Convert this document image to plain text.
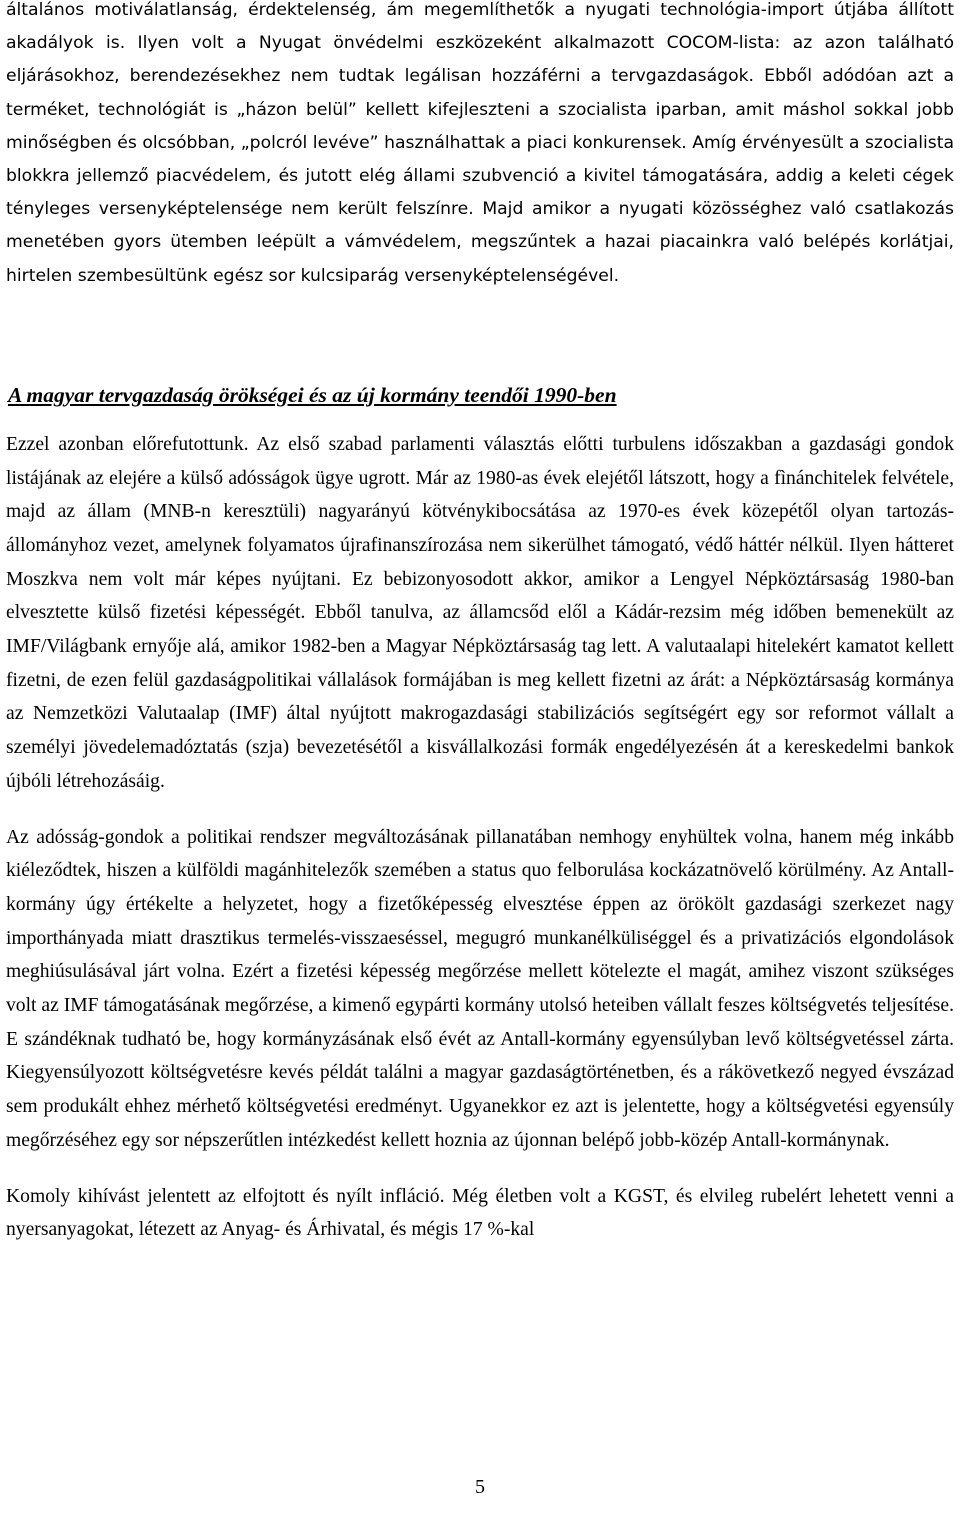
általános motiválatlanság, érdektelenség, ám megemlíthetők a nyugati technológia-import útjába állított akadályok is. Ilyen volt a Nyugat önvédelmi eszközeként alkalmazott COCOM-lista: az azon található eljárásokhoz, berendezésekhez nem tudtak legálisan hozzáférni a tervgazdaságok. Ebből adódóan azt a terméket, technológiát is „házon belül” kellett kifejleszteni a szocialista iparban, amit máshol sokkal jobb minőségben és olcsóbban, „polcról levéve” használhattak a piaci konkurensek. Amíg érvényesült a szocialista blokkra jellemző piacvédelem, és jutott elég állami szubvenció a kivitel támogatására, addig a keleti cégek tényleges versenyképtelensége nem került felszínre. Majd amikor a nyugati közösséghez való csatlakozás menetében gyors ütemben leépült a vámvédelem, megszűntek a hazai piacainkra való belépés korlátjai, hirtelen szembesültünk egész sor kulcsiparág versenyképtelenségével.

A magyar tervgazdaság örökségei és az új kormány teendői 1990-ben

Ezzel azonban előrefutottunk. Az első szabad parlamenti választás előtti turbulens időszakban a gazdasági gondok listájának az elejére a külső adósságok ügye ugrott. Már az 1980-as évek elejétől látszott, hogy a fìnánchitelek felvétele, majd az állam (MNB-n keresztüli) nagyarányú kötvénykibocsátása az 1970-es évek közepétől olyan tartozás-állományhoz vezet, amelynek folyamatos újrafinanszírozása nem sikerülhet támogató, védő háttér nélkül. Ilyen hátteret Moszkva nem volt már képes nyújtani. Ez bebizonyosodott akkor, amikor a Lengyel Népköztársaság 1980-ban elvesztette külső fizetési képességét. Ebből tanulva, az államcsőd elől a Kádár-rezsim még időben bemenekült az IMF/Világbank ernyője alá, amikor 1982-ben a Magyar Népköztársaság tag lett. A valutaalapi hitelekért kamatot kellett fizetni, de ezen felül gazdaságpolitikai vállalások formájában is meg kellett fizetni az árát: a Népköztársaság kormánya az Nemzetközi Valutaalap (IMF) által nyújtott makrogazdasági stabilizációs segítségért egy sor reformot vállalt a személyi jövedelemadóztatás (szja) bevezetésétől a kisvállalkozási formák engedélyezésén át a kereskedelmi bankok újbóli létrehozásáig.

Az adósság-gondok a politikai rendszer megváltozásának pillanatában nemhogy enyhültek volna, hanem még inkább kiéleződtek, hiszen a külföldi magánhitelezők szemében a status quo felborulása kockázatnövelő körülmény. Az Antall-kormány úgy értékelte a helyzetet, hogy a fizetőképesség elvesztése éppen az örökölt gazdasági szerkezet nagy importhányada miatt drasztikus termelés-visszaeséssel, megugró munkanélküliséggel és a privatizációs elgondolások meghiúsulásával járt volna. Ezért a fizetési képesség megőrzése mellett kötelezte el magát, amihez viszont szükséges volt az IMF támogatásának megőrzése, a kimenő egypárti kormány utolsó heteiben vállalt feszes költségvetés teljesítése. E szándéknak tudható be, hogy kormányzásának első évét az Antall-kormány egyensúlyban levő költségvetéssel zárta. Kiegyensúlyozott költségvetésre kevés példát találni a magyar gazdaságtörténetben, és a rákövetkező negyed évszázad sem produkált ehhez mérhető költségvetési eredményt. Ugyanekkor ez azt is jelentette, hogy a költségvetési egyensúly megőrzéséhez egy sor népszerűtlen intézkedést kellett hoznia az újonnan belépő jobb-közép Antall-kormánynak.

Komoly kihívást jelentett az elfojtott és nyílt infláció. Még életben volt a KGST, és elvileg rubelért lehetett venni a nyersanyagokat, létezett az Anyag- és Árhivatal, és mégis 17 %-kal

5
